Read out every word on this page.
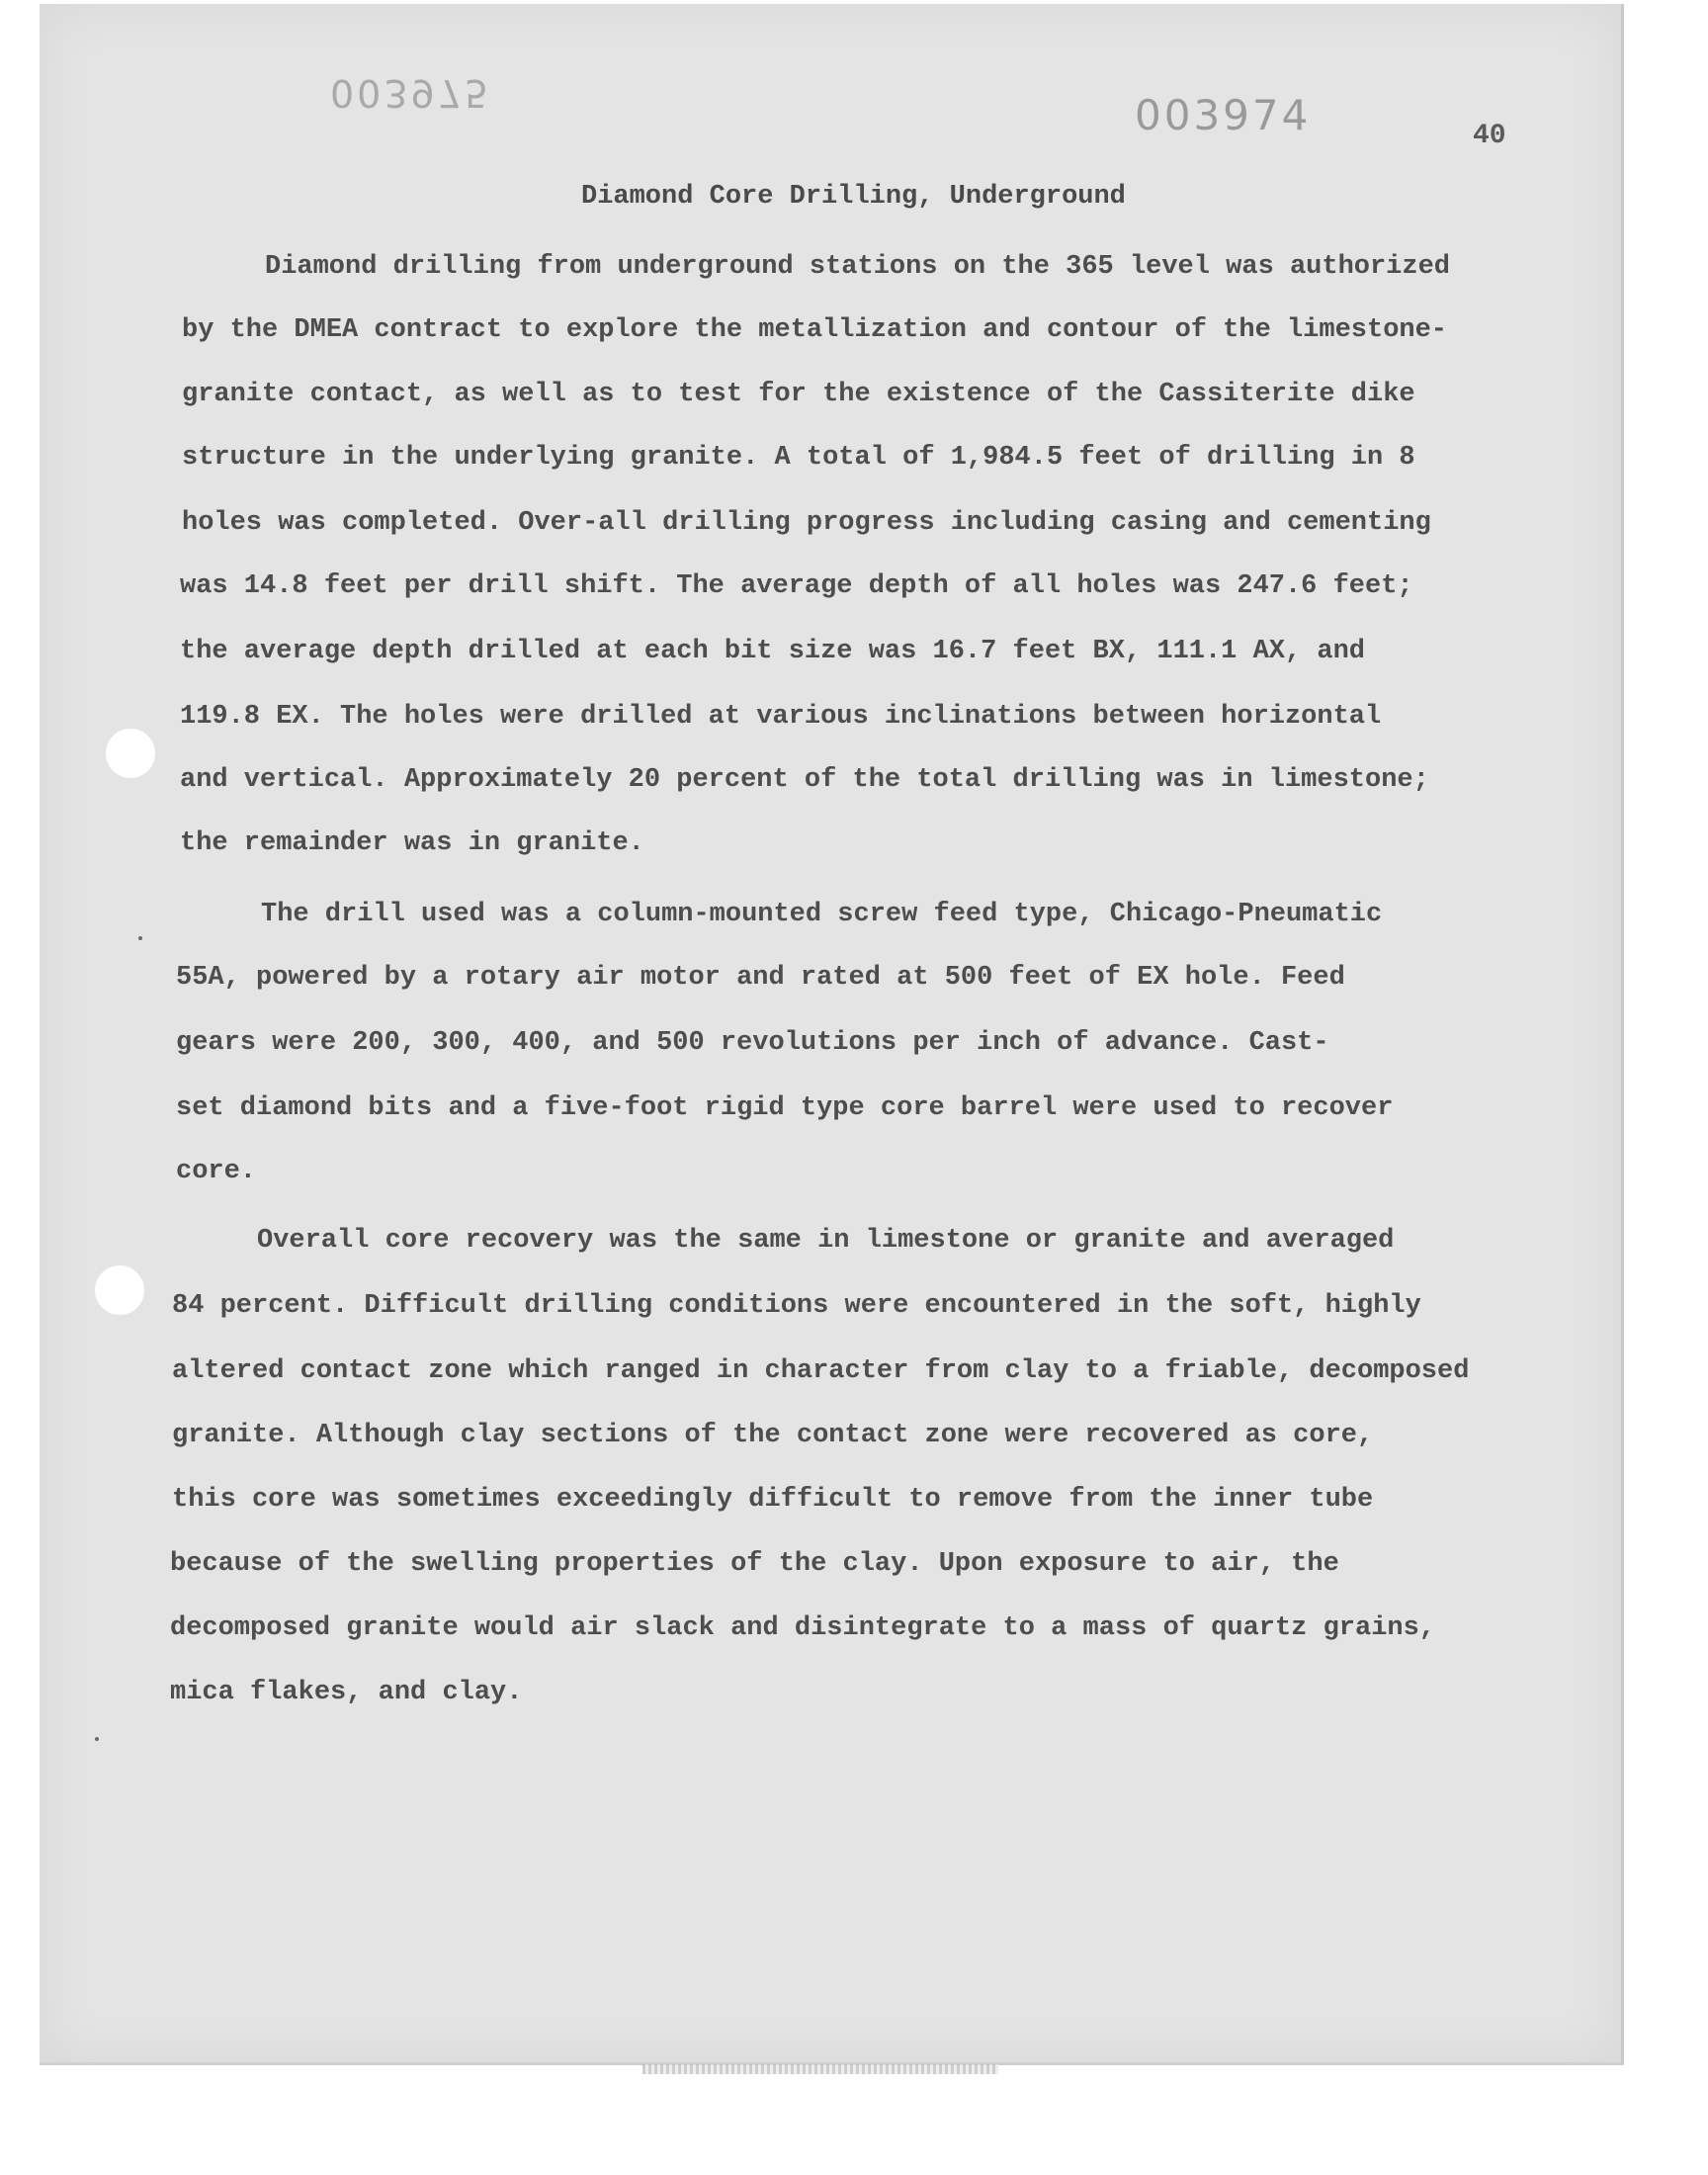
003975	003974	40
Diamond Core Drilling, Underground
Diamond drilling from underground stations on the 365 level was authorized
by the DMEA contract to explore the metallization and contour of the limestone-
granite contact, as well as to test for the existence of the Cassiterite dike
structure in the underlying granite. A total of 1,984.5 feet of drilling in 8
holes was completed. Over-all drilling progress including casing and cementing
was 14.8 feet per drill shift. The average depth of all holes was 247.6 feet;
the average depth drilled at each bit size was 16.7 feet BX, 111.1 AX, and
119.8 EX. The holes were drilled at various inclinations between horizontal
and vertical. Approximately 20 percent of the total drilling was in limestone;
the remainder was in granite.
The drill used was a column-mounted screw feed type, Chicago-Pneumatic
55A, powered by a rotary air motor and rated at 500 feet of EX hole. Feed
gears were 200, 300, 400, and 500 revolutions per inch of advance. Cast-
set diamond bits and a five-foot rigid type core barrel were used to recover
core.
Overall core recovery was the same in limestone or granite and averaged
84 percent. Difficult drilling conditions were encountered in the soft, highly
altered contact zone which ranged in character from clay to a friable, decomposed
granite. Although clay sections of the contact zone were recovered as core,
this core was sometimes exceedingly difficult to remove from the inner tube
because of the swelling properties of the clay. Upon exposure to air, the
decomposed granite would air slack and disintegrate to a mass of quartz grains,
mica flakes, and clay.
